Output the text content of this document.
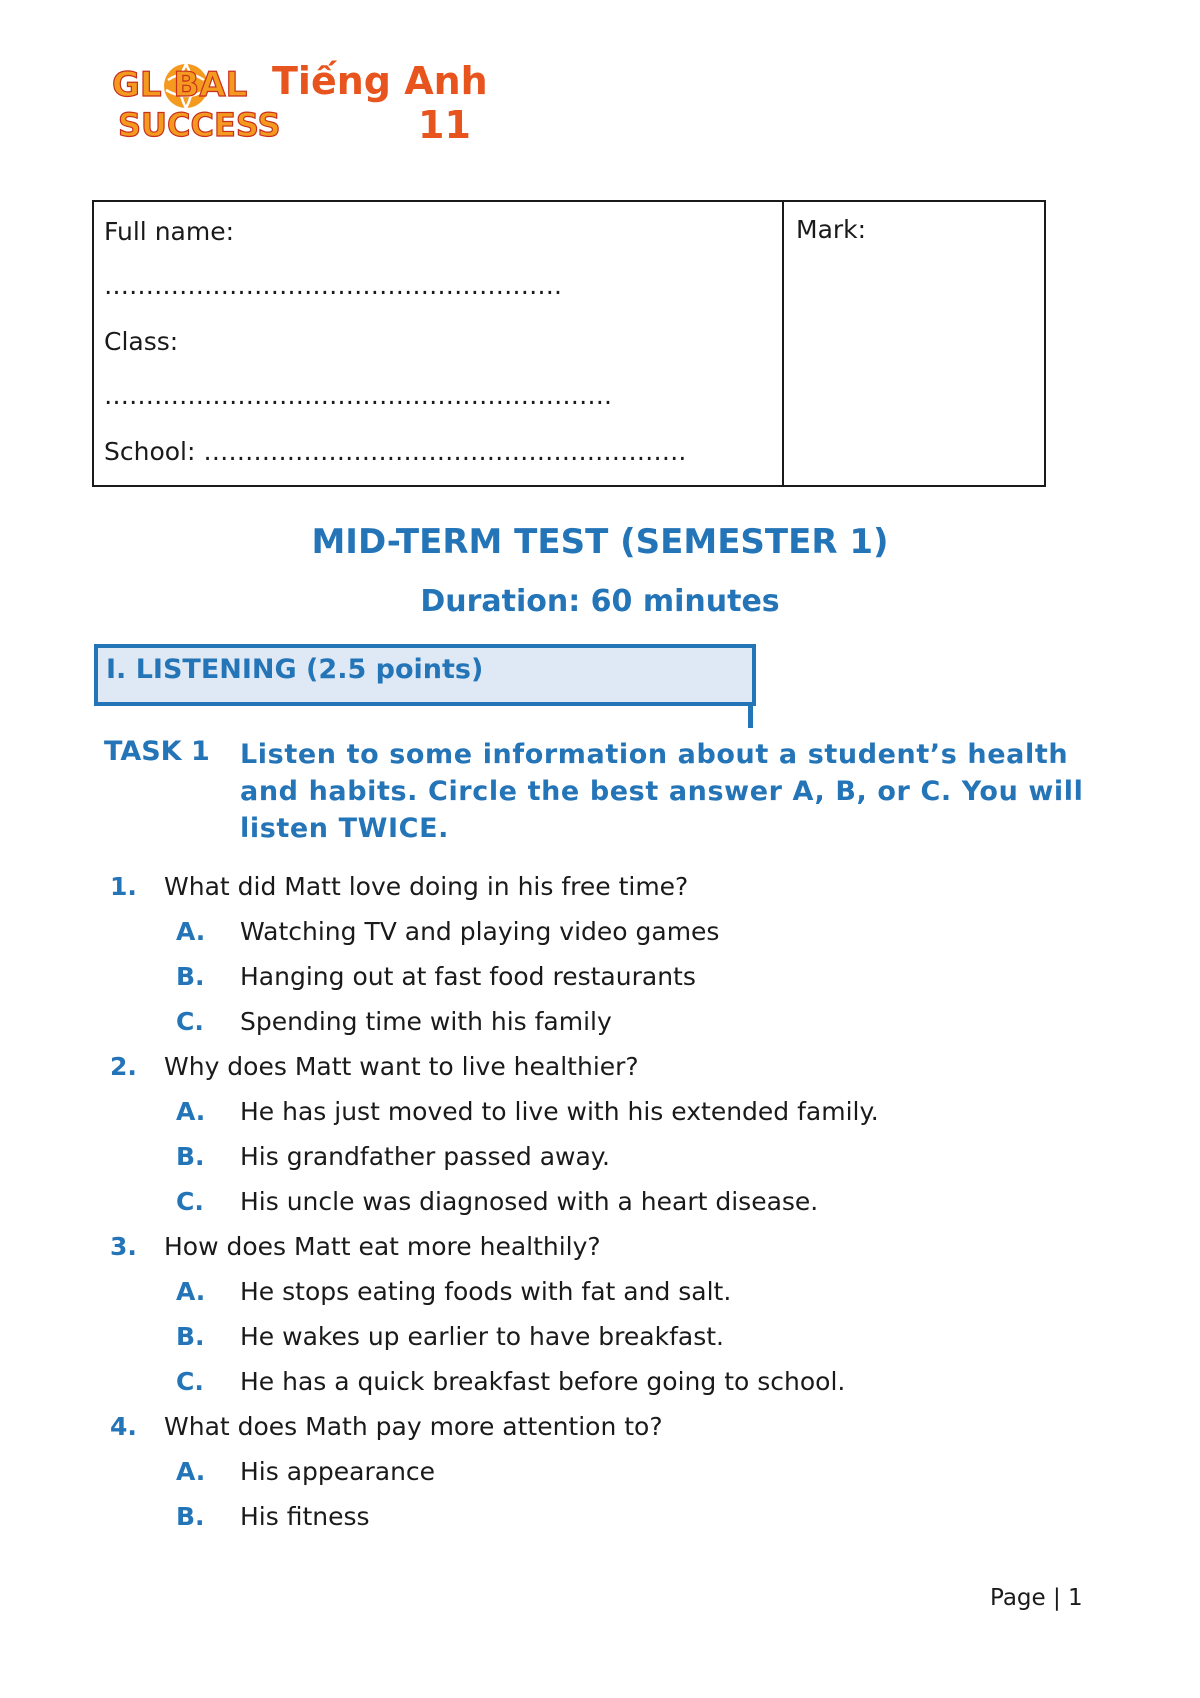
GL BAL
SUCCESS
Tiếng Anh
11
Full name:
……………………………………………….
Class:
…………………………………………………….
School: ………………………………………………….
Mark:
MID-TERM TEST (SEMESTER 1)
Duration: 60 minutes
I. LISTENING (2.5 points)
TASK 1 Listen to some information about a student’s health and habits. Circle the best answer A, B, or C. You will listen TWICE.
1. What did Matt love doing in his free time?
A. Watching TV and playing video games
B. Hanging out at fast food restaurants
C. Spending time with his family
2. Why does Matt want to live healthier?
A. He has just moved to live with his extended family.
B. His grandfather passed away.
C. His uncle was diagnosed with a heart disease.
3. How does Matt eat more healthily?
A. He stops eating foods with fat and salt.
B. He wakes up earlier to have breakfast.
C. He has a quick breakfast before going to school.
4. What does Math pay more attention to?
A. His appearance
B. His fitness
Page | 1
